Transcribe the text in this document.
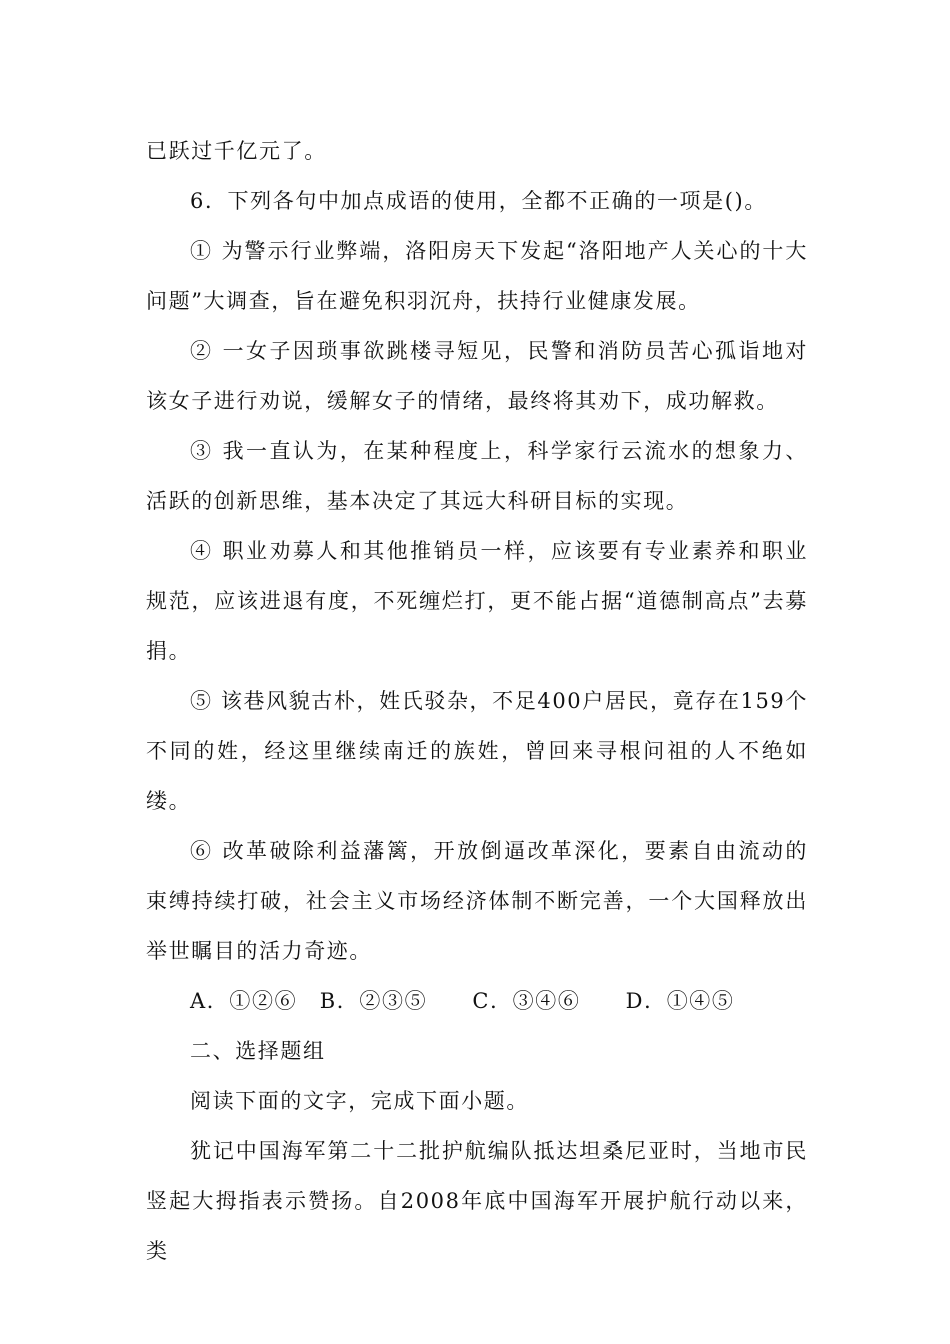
已跃过千亿元了。

6．下列各句中加点成语的使用，全都不正确的一项是()。

① 为警示行业弊端，洛阳房天下发起“洛阳地产人关心的十大问题”大调查，旨在避免积羽沉舟，扶持行业健康发展。

② 一女子因琐事欲跳楼寻短见，民警和消防员苦心孤诣地对该女子进行劝说，缓解女子的情绪，最终将其劝下，成功解救。

③ 我一直认为，在某种程度上，科学家行云流水的想象力、活跃的创新思维，基本决定了其远大科研目标的实现。

④ 职业劝募人和其他推销员一样，应该要有专业素养和职业规范，应该进退有度，不死缠烂打，更不能占据“道德制高点”去募捐。

⑤ 该巷风貌古朴，姓氏驳杂，不足400户居民，竟存在159个不同的姓，经这里继续南迁的族姓，曾回来寻根问祖的人不绝如缕。

⑥ 改革破除利益藩篱，开放倒逼改革深化，要素自由流动的束缚持续打破，社会主义市场经济体制不断完善，一个大国释放出举世瞩目的活力奇迹。

A．①②⑥　B．②③⑤　　C．③④⑥　　D．①④⑤

二、选择题组

阅读下面的文字，完成下面小题。

犹记中国海军第二十二批护航编队抵达坦桑尼亚时，当地市民竖起大拇指表示赞扬。自2008年底中国海军开展护航行动以来，类
